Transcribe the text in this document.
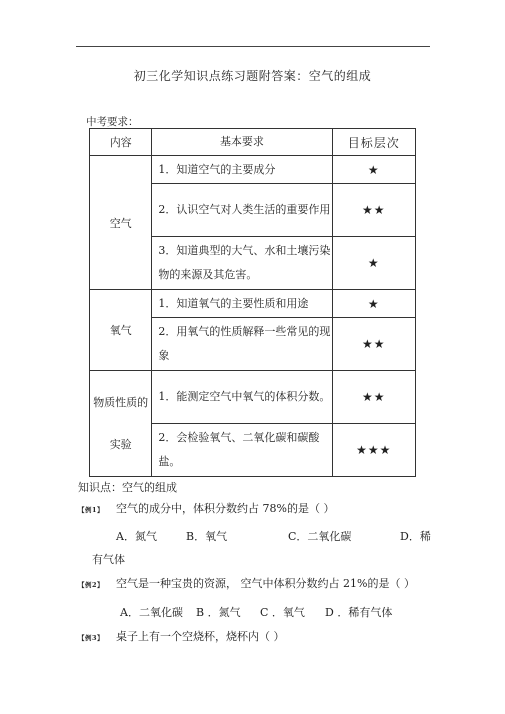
初三化学知识点练习题附答案：空气的组成
中考要求：
内容	基本要求	目标层次
空气	1．知道空气的主要成分	★
	2．认识空气对人类生活的重要作用	★★
	3．知道典型的大气、水和土壤污染物的来源及其危害。	★
氧气	1．知道氧气的主要性质和用途	★
	2．用氧气的性质解释一些常见的现象	★★

物质性质的
实验	1．能测定空气中氧气的体积分数。	★★
	2．会检验氧气、二氧化碳和碳酸盐。	★★★
知识点：空气的组成
【例1】 空气的成分中，体积分数约占 78%的是（ ）
A．氮气	B．氧气	C．二氧化碳	D．稀
有气体
【例2】 空气是一种宝贵的资源， 空气中体积分数约占 21%的是（ ）
A．二氧化碳 B ．氮气 C ．氧气 D ．稀有气体
【例3】 桌子上有一个空烧杯，烧杯内（ ）
